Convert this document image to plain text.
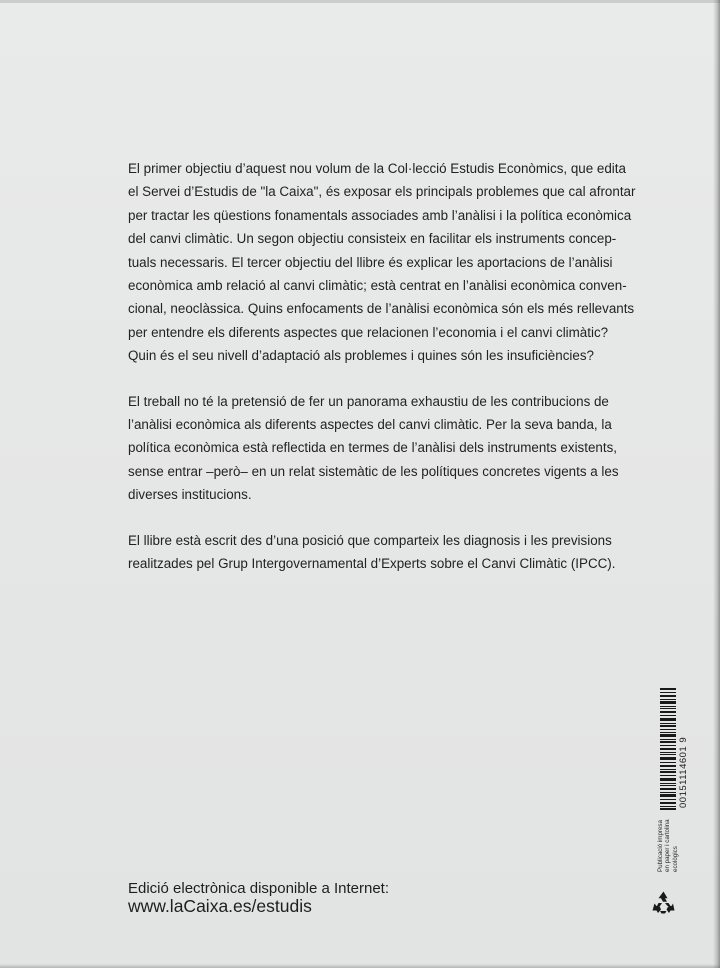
El primer objectiu d’aquest nou volum de la Col·lecció Estudis Econòmics, que edita
el Servei d’Estudis de "la Caixa", és exposar els principals problemes que cal afrontar
per tractar les qüestions fonamentals associades amb l’anàlisi i la política econòmica
del canvi climàtic. Un segon objectiu consisteix en facilitar els instruments concep-
tuals necessaris. El tercer objectiu del llibre és explicar les aportacions de l’anàlisi
econòmica amb relació al canvi climàtic; està centrat en l’anàlisi econòmica conven-
cional, neoclàssica. Quins enfocaments de l’anàlisi econòmica són els més rellevants
per entendre els diferents aspectes que relacionen l’economia i el canvi climàtic?
Quin és el seu nivell d’adaptació als problemes i quines són les insuficiències?

El treball no té la pretensió de fer un panorama exhaustiu de les contribucions de
l’anàlisi econòmica als diferents aspectes del canvi climàtic. Per la seva banda, la
política econòmica està reflectida en termes de l’anàlisi dels instruments existents,
sense entrar –però– en un relat sistemàtic de les polítiques concretes vigents a les
diverses institucions.

El llibre està escrit des d’una posició que comparteix les diagnosis i les previsions
realitzades pel Grup Intergovernamental d’Experts sobre el Canvi Climàtic (IPCC).

00151114601 9
Publicació impresa en paper i cartolina ecològics
Edició electrònica disponible a Internet:
www.laCaixa.es/estudis
